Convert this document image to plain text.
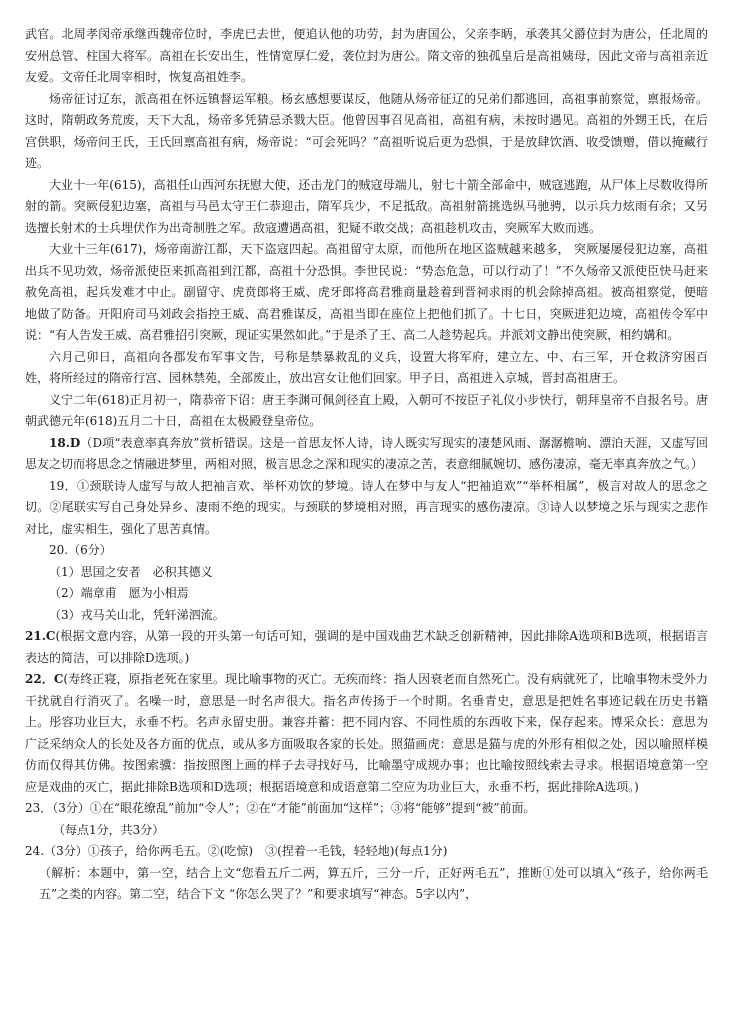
武官。北周孝闵帝承继西魏帝位时，李虎已去世，便追认他的功劳，封为唐国公，父亲李昞，承袭其父爵位封为唐公，任北周的安州总管、柱国大将军。高祖在长安出生，性情宽厚仁爱，袭位封为唐公。隋文帝的独孤皇后是高祖姨母，因此文帝与高祖亲近友爱。文帝任北周宰相时，恢复高祖姓李。

炀帝征讨辽东，派高祖在怀远镇督运军粮。杨玄感想要谋反，他随从炀帝征辽的兄弟们都逃回，高祖事前察觉，禀报炀帝。这时，隋朝政务荒废，天下大乱，炀帝多凭猜忌杀戮大臣。他曾因事召见高祖，高祖有病，未按时遇见。高祖的外甥王氏，在后宫供职，炀帝问王氏，王氏回禀高祖有病，炀帝说：“可会死吗？”高祖听说后更为恐惧，于是放肆饮酒、收受馈赠，借以掩藏行迹。

大业十一年(615)，高祖任山西河东抚慰大使，还击龙门的贼寇母端儿，射七十箭全部命中，贼寇逃跑，从尸体上尽数收得所射的箭。突厥侵犯边塞，高祖与马邑太守王仁恭迎击，隋军兵少，不足抵敌。高祖射箭挑选纵马驰骋，以示兵力炫雨有余；又另选擅长射术的士兵埋伏作为出奇制胜之军。敌寇遭遇高祖，犯疑不敢交战；高祖趁机攻击，突厥军大败而逃。

大业十三年(617)，炀帝南游江都，天下盗寇四起。高祖留守太原，而他所在地区盗贼越来越多， 突厥屡屡侵犯边塞，高祖出兵不见功效，炀帝派使臣来抓高祖到江都，高祖十分恐惧。李世民说：“势态危急，可以行动了！”不久炀帝又派使臣快马赶来赦免高祖，起兵发难才中止。副留守、虎贲郎将王威、虎牙郎将高君雅商量趁着到晋祠求雨的机会除掉高祖。被高祖察觉，便暗地做了防备。开阳府司马刘政会指控王威、高君雅谋反，高祖当即在座位上把他们抓了。十七日，突厥进犯边境，高祖传令军中说：“有人告发王威、高君雅招引突厥，现证实果然如此。”于是杀了王、高二人趁势起兵。并派刘文静出使突厥，相约媾和。

六月己卯日，高祖向各郡发布军事文告，号称是禁暴救乱的义兵，设置大将军府，建立左、中、右三军，开仓救济穷困百姓，将所经过的隋帝行宫、园林禁苑，全部废止，放出宫女让他们回家。甲子日，高祖进入京城，晋封高祖唐王。

义宁二年(618)正月初一，隋恭帝下诏：唐王李渊可佩剑径直上殿，入朝可不按臣子礼仪小步快行，朝拜皇帝不自报名号。唐朝武德元年(618)五月二十日，高祖在太极殿登皇帝位。

18.D（D项“表意率真奔放”赏析错误。这是一首思友怀人诗，诗人既实写现实的凄楚风雨、潺潺檐响、漂泊天涯，又虚写回思友之切而将思念之情融进梦里，两相对照，极言思念之深和现实的凄凉之苦，表意细腻婉切、感伤凄凉，毫无率真奔放之气。）

19．①颈联诗人虚写与故人把袖言欢、举杯劝饮的梦境。诗人在梦中与友人“把袖追欢”“举杯相属”，极言对故人的思念之切。②尾联实写自己身处异乡、凄雨不绝的现实。与颈联的梦境相对照，再言现实的感伤凄凉。③诗人以梦境之乐与现实之悲作对比，虚实相生，强化了思苦真情。

20.（6分）

（1）思国之安者　必积其德义

（2）端章甫　愿为小相焉

（3）戎马关山北，凭轩涕泗流。

21.C(根据文意内容，从第一段的开头第一句话可知，强调的是中国戏曲艺术缺乏创新精神，因此排除A选项和B选项，根据语言表达的简洁，可以排除D选项。)

22．C(寿终正寝，原指老死在家里。现比喻事物的灭亡。无疾而终：指人因衰老而自然死亡。没有病就死了，比喻事物未受外力干扰就自行消灭了。名噪一时，意思是一时名声很大。指名声传扬于一个时期。名垂青史，意思是把姓名事迹记载在历史书籍上。彤容功业巨大，永垂不朽。名声永留史册。兼容并蓄：把不同内容、不同性质的东西收下来，保存起来。博采众长：意思为广泛采纳众人的长处及各方面的优点，或从多方面吸取各家的长处。照猫画虎：意思是猫与虎的外形有相似之处，因以喻照样模仿而仅得其仿佛。按图索骥：指按照图上画的样子去寻找好马，比喻墨守成规办事；也比喻按照线索去寻求。根据语境意第一空应是戏曲的灭亡，据此排除B选项和D选项；根据语境意和成语意第二空应为功业巨大，永垂不朽，据此排除A选项。)

23．（3分）①在“眼花缭乱”前加“令人”；②在“才能”前面加“这样”；③将“能够”提到“被”前面。

（每点1分，共3分）

24.（3分）①孩子，给你两毛五。②(吃惊)　③(捏着一毛钱，轻轻地)(每点1分)

（解析：本题中，第一空，结合上文“您看五斤二两，算五斤，三分一斤，正好两毛五”，推断①处可以填入“孩子，给你两毛五”之类的内容。第二空，结合下文 “你怎么哭了？”和要求填写“神态。5字以内”，
